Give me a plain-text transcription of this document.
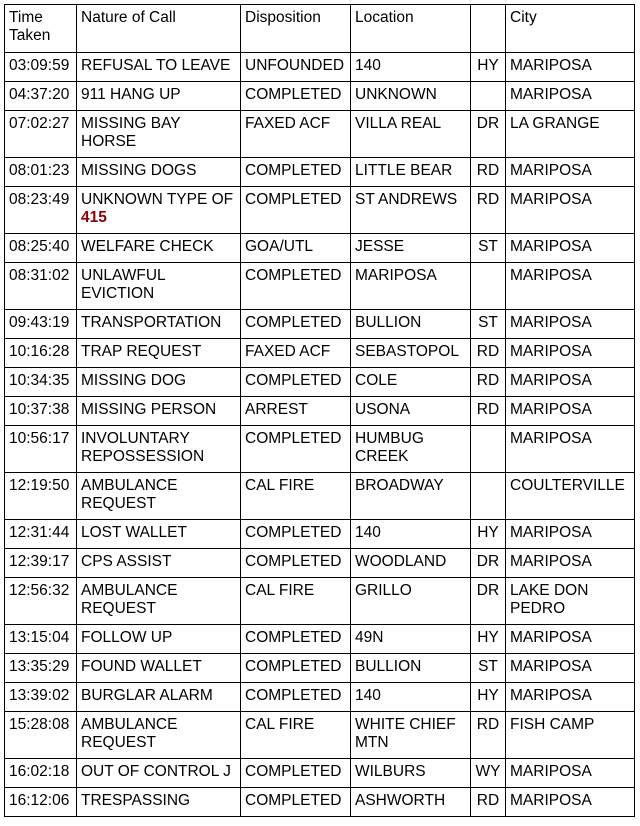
Time
Taken	Nature of Call	Disposition	Location		City
03:09:59	REFUSAL TO LEAVE	UNFOUNDED	140	HY	MARIPOSA
04:37:20	911 HANG UP	COMPLETED	UNKNOWN		MARIPOSA
07:02:27	MISSING BAY
HORSE	FAXED ACF	VILLA REAL	DR	LA GRANGE
08:01:23	MISSING DOGS	COMPLETED	LITTLE BEAR	RD	MARIPOSA
08:23:49	UNKNOWN TYPE OF
415	COMPLETED	ST ANDREWS	RD	MARIPOSA
08:25:40	WELFARE CHECK	GOA/UTL	JESSE	ST	MARIPOSA
08:31:02	UNLAWFUL
EVICTION	COMPLETED	MARIPOSA		MARIPOSA
09:43:19	TRANSPORTATION	COMPLETED	BULLION	ST	MARIPOSA
10:16:28	TRAP REQUEST	FAXED ACF	SEBASTOPOL	RD	MARIPOSA
10:34:35	MISSING DOG	COMPLETED	COLE	RD	MARIPOSA
10:37:38	MISSING PERSON	ARREST	USONA	RD	MARIPOSA
10:56:17	INVOLUNTARY
REPOSSESSION	COMPLETED	HUMBUG
CREEK		MARIPOSA
12:19:50	AMBULANCE
REQUEST	CAL FIRE	BROADWAY		COULTERVILLE
12:31:44	LOST WALLET	COMPLETED	140	HY	MARIPOSA
12:39:17	CPS ASSIST	COMPLETED	WOODLAND	DR	MARIPOSA
12:56:32	AMBULANCE
REQUEST	CAL FIRE	GRILLO	DR	LAKE DON
PEDRO
13:15:04	FOLLOW UP	COMPLETED	49N	HY	MARIPOSA
13:35:29	FOUND WALLET	COMPLETED	BULLION	ST	MARIPOSA
13:39:02	BURGLAR ALARM	COMPLETED	140	HY	MARIPOSA
15:28:08	AMBULANCE
REQUEST	CAL FIRE	WHITE CHIEF
MTN	RD	FISH CAMP
16:02:18	OUT OF CONTROL J	COMPLETED	WILBURS	WY	MARIPOSA
16:12:06	TRESPASSING	COMPLETED	ASHWORTH	RD	MARIPOSA
